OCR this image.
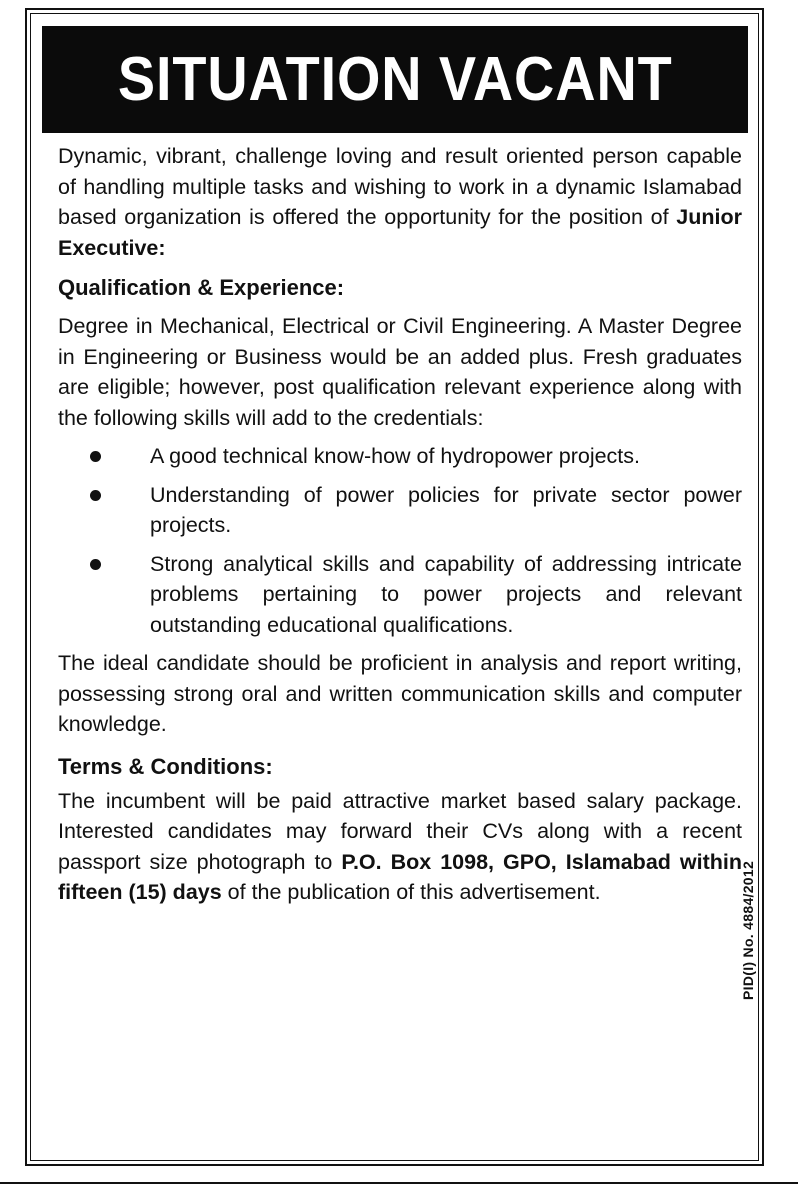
SITUATION VACANT

Dynamic, vibrant, challenge loving and result oriented person capable of handling multiple tasks and wishing to work in a dynamic Islamabad based organization is offered the opportunity for the position of Junior Executive:

Qualification & Experience:

Degree in Mechanical, Electrical or Civil Engineering. A Master Degree in Engineering or Business would be an added plus. Fresh graduates are eligible; however, post qualification relevant experience along with the following skills will add to the credentials:

A good technical know-how of hydropower projects.
Understanding of power policies for private sector power projects.
Strong analytical skills and capability of addressing intricate problems pertaining to power projects and relevant outstanding educational qualifications.

The ideal candidate should be proficient in analysis and report writing, possessing strong oral and written communication skills and computer knowledge.

Terms & Conditions:

The incumbent will be paid attractive market based salary package. Interested candidates may forward their CVs along with a recent passport size photograph to P.O. Box 1098, GPO, Islamabad within fifteen (15) days of the publication of this advertisement.	PID(I) No. 4884/2012
